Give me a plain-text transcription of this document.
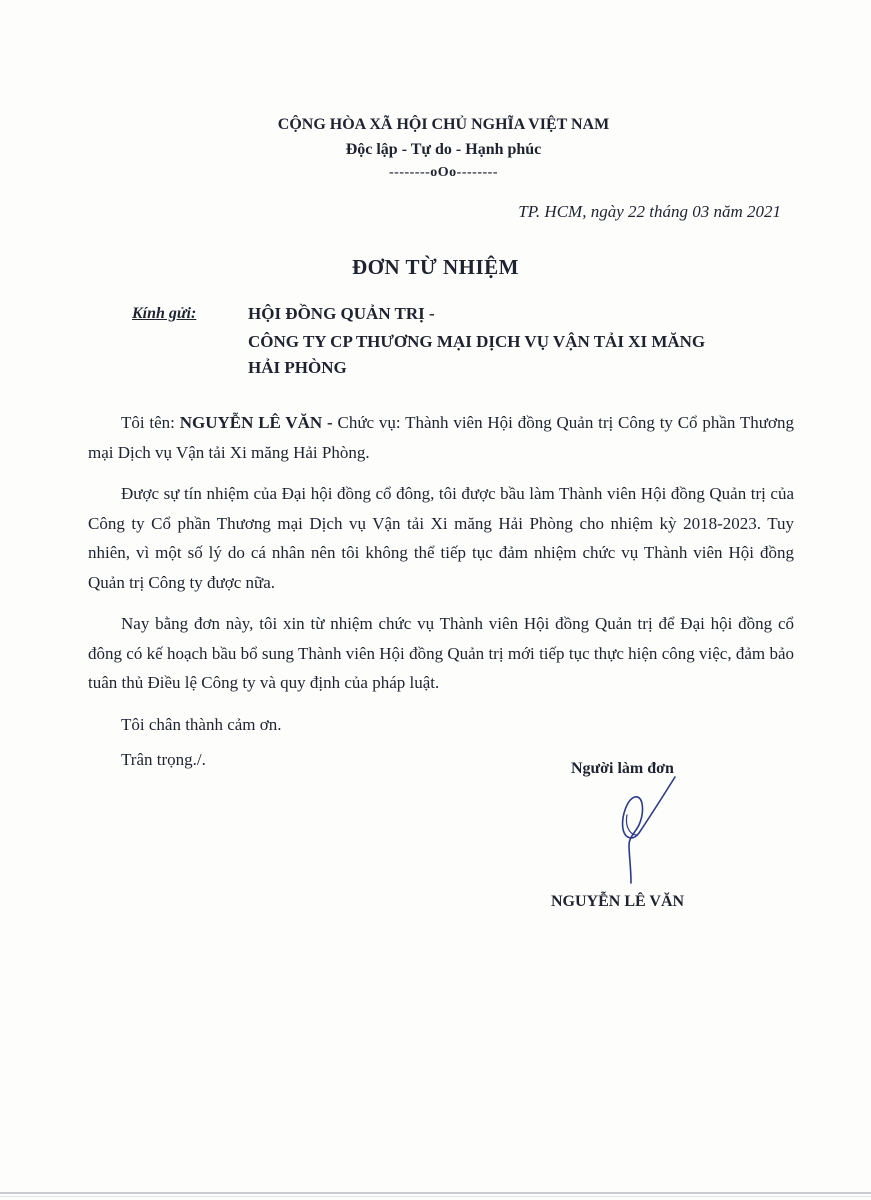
CỘNG HÒA XÃ HỘI CHỦ NGHĨA VIỆT NAM
Độc lập - Tự do - Hạnh phúc
--------oOo--------
TP. HCM, ngày 22 tháng 03 năm 2021
ĐƠN TỪ NHIỆM
Kính gửi:	HỘI ĐỒNG QUẢN TRỊ -
CÔNG TY CP THƯƠNG MẠI DỊCH VỤ VẬN TẢI XI MĂNG
HẢI PHÒNG

Tôi tên: NGUYỄN LÊ VĂN - Chức vụ: Thành viên Hội đồng Quản trị Công ty Cổ phần Thương mại Dịch vụ Vận tải Xi măng Hải Phòng.

Được sự tín nhiệm của Đại hội đồng cổ đông, tôi được bầu làm Thành viên Hội đồng Quản trị của Công ty Cổ phần Thương mại Dịch vụ Vận tải Xi măng Hải Phòng cho nhiệm kỳ 2018-2023. Tuy nhiên, vì một số lý do cá nhân nên tôi không thể tiếp tục đảm nhiệm chức vụ Thành viên Hội đồng Quản trị Công ty được nữa.

Nay bằng đơn này, tôi xin từ nhiệm chức vụ Thành viên Hội đồng Quản trị để Đại hội đồng cổ đông có kế hoạch bầu bổ sung Thành viên Hội đồng Quản trị mới tiếp tục thực hiện công việc, đảm bảo tuân thủ Điều lệ Công ty và quy định của pháp luật.

Tôi chân thành cảm ơn.

Trân trọng./.	Người làm đơn
NGUYỄN LÊ VĂN
